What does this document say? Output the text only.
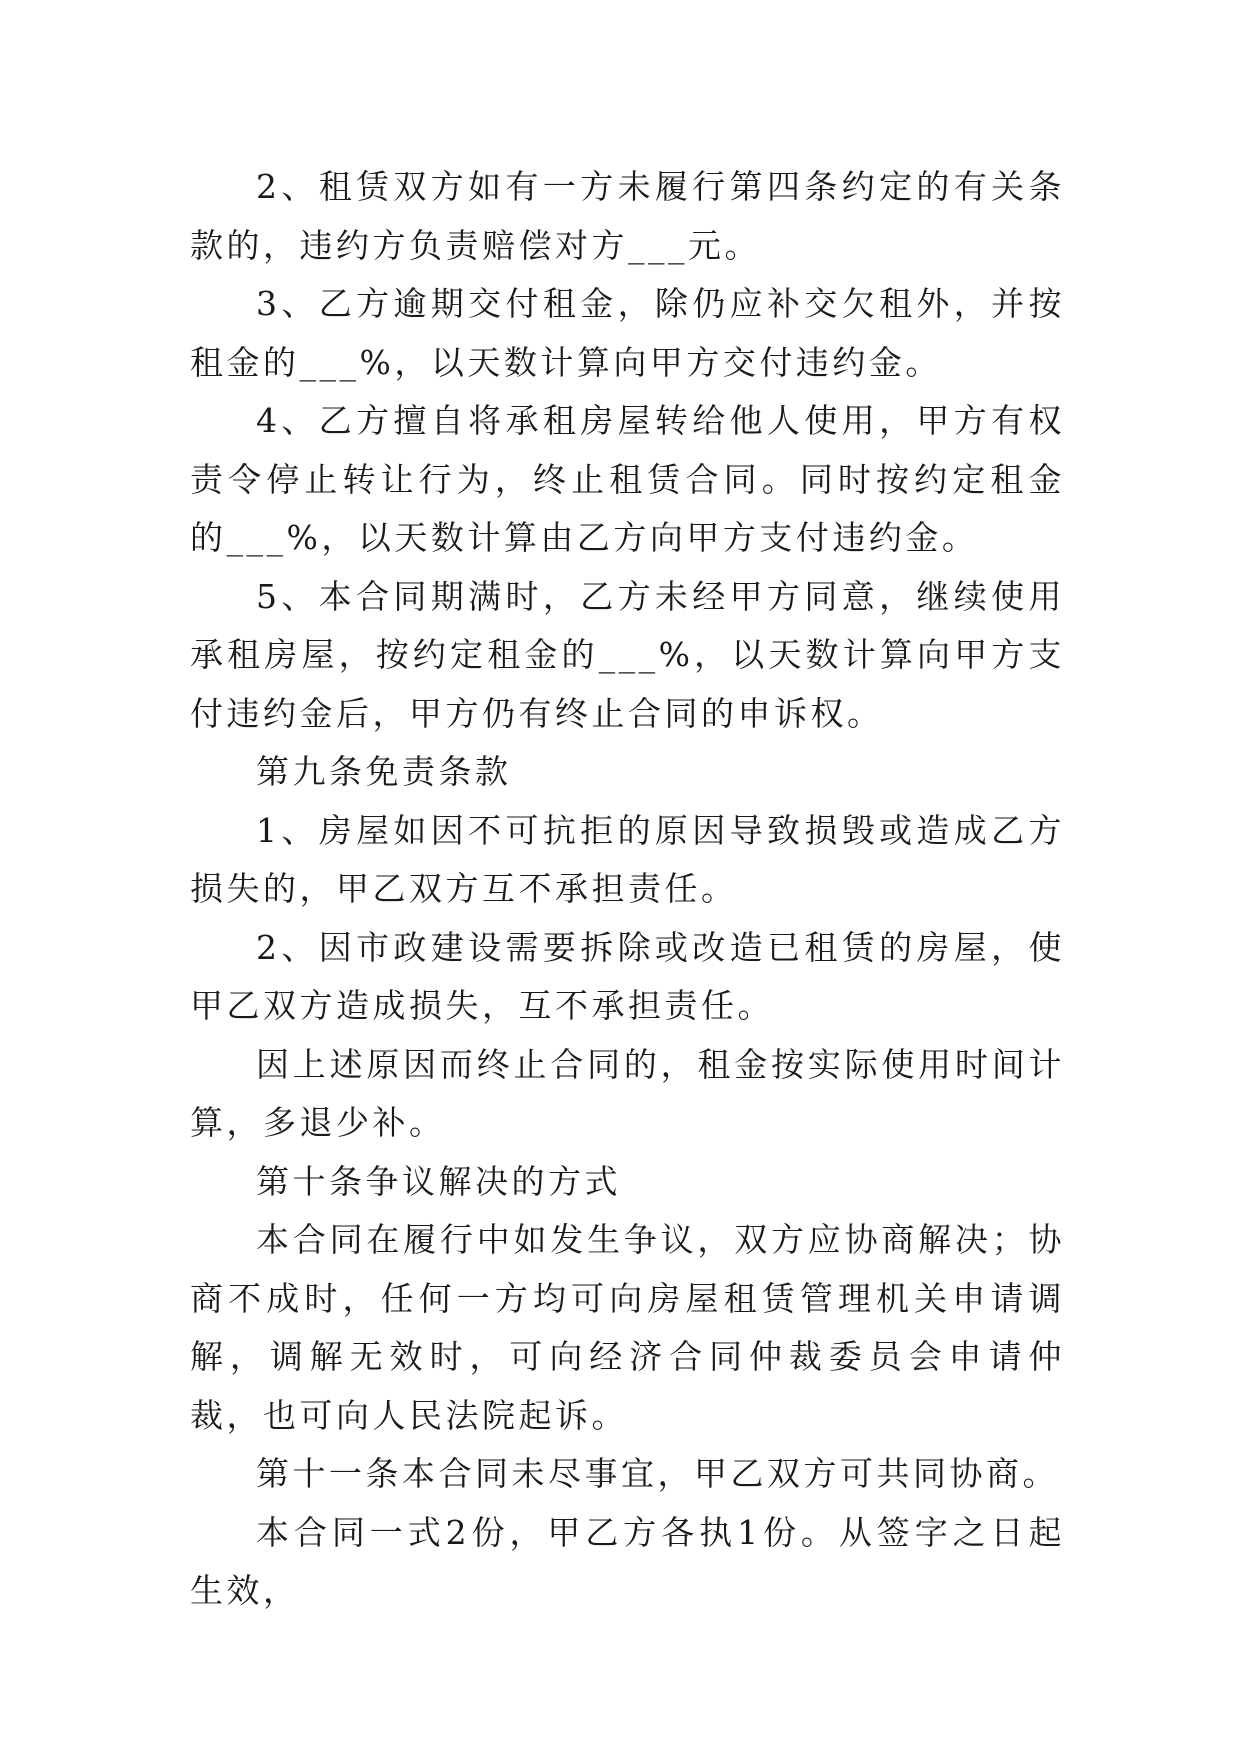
2、租赁双方如有一方未履行第四条约定的有关条款的，违约方负责赔偿对方___元。

3、乙方逾期交付租金，除仍应补交欠租外，并按租金的___%，以天数计算向甲方交付违约金。

4、乙方擅自将承租房屋转给他人使用，甲方有权责令停止转让行为，终止租赁合同。同时按约定租金的___%，以天数计算由乙方向甲方支付违约金。

5、本合同期满时，乙方未经甲方同意，继续使用承租房屋，按约定租金的___%，以天数计算向甲方支付违约金后，甲方仍有终止合同的申诉权。

第九条免责条款

1、房屋如因不可抗拒的原因导致损毁或造成乙方损失的，甲乙双方互不承担责任。

2、因市政建设需要拆除或改造已租赁的房屋，使甲乙双方造成损失，互不承担责任。

因上述原因而终止合同的，租金按实际使用时间计算，多退少补。

第十条争议解决的方式

本合同在履行中如发生争议，双方应协商解决；协商不成时，任何一方均可向房屋租赁管理机关申请调解，调解无效时，可向经济合同仲裁委员会申请仲裁，也可向人民法院起诉。

第十一条本合同未尽事宜，甲乙双方可共同协商。

本合同一式2份，甲乙方各执1份。从签字之日起生效，
